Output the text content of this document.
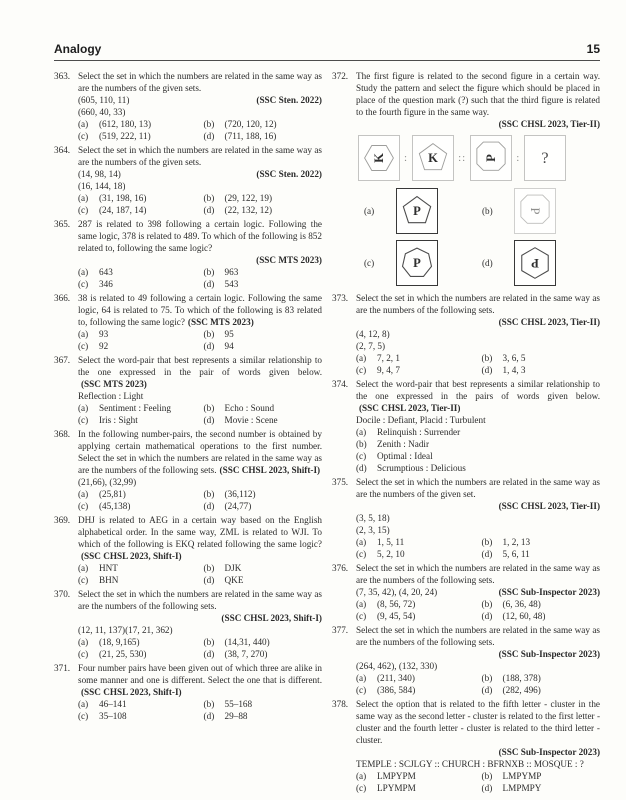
Analogy	15
363. Select the set in which the numbers are related in the same way as are the numbers of the given sets.

(605, 110, 11)	(SSC Sten. 2022)
(660, 40, 33)
(a)	(612, 180, 13)	(b)	(720, 120, 12)
(c)	(519, 222, 11)	(d)	(711, 188, 16)
364. Select the set in which the numbers are related in the same way as are the numbers of the given sets.

(14, 98, 14)	(SSC Sten. 2022)
(16, 144, 18)
(a)	(31, 198, 16)	(b)	(29, 122, 19)
(c)	(24, 187, 14)	(d)	(22, 132, 12)
365. 287 is related to 398 following a certain logic. Following the same logic, 378 is related to 489. To which of the following is 852 related to, following the same logic?

(SSC MTS 2023)
(a)	643	(b)	963
(c)	346	(d)	543
366. 38 is related to 49 following a certain logic. Following the same logic, 64 is related to 75. To which of the following is 83 related to, following the same logic? (SSC MTS 2023)

(a)	93	(b)	95
(c)	92	(d)	94
367. Select the word-pair that best represents a similar relationship to the one expressed in the pair of words given below.(SSC MTS 2023)

Reflection : Light
(a)	Sentiment : Feeling	(b)	Echo : Sound
(c)	Iris : Sight	(d)	Movie : Scene
368. In the following number-pairs, the second number is obtained by applying certain mathematical operations to the first number. Select the set in which the numbers are related in the same way as are the numbers of the following sets. (SSC CHSL 2023, Shift-I)

(21,66), (32,99)
(a)	(25,81)	(b)	(36,112)
(c)	(45,138)	(d)	(24,77)
369. DHJ is related to AEG in a certain way based on the English alphabetical order. In the same way, ZML is related to WJI. To which of the following is EKQ related following the same logic?(SSC CHSL 2023, Shift-I)

(a)	HNT	(b)	DJK
(c)	BHN	(d)	QKE
370. Select the set in which the numbers are related in the same way as are the numbers of the following sets.

(SSC CHSL 2023, Shift-I)
(12, 11, 137)(17, 21, 362)
(a)	(18, 9,165)	(b)	(14,31, 440)
(c)	(21, 25, 530)	(d)	(38, 7, 270)
371. Four number pairs have been given out of which three are alike in some manner and one is different. Select the one that is different.(SSC CHSL 2023, Shift-I)

(a)	46–141	(b)	55–168
(c)	35–108	(d)	29–88
372. The first figure is related to the second figure in a certain way. Study the pattern and select the figure which should be placed in place of the question mark (?) such that the third figure is related to the fourth figure in the same way.

(SSC CHSL 2023, Tier-II)
K : K :: P : ?
(a)	P	(b)	P
(c)	P	(d)	P
373. Select the set in which the numbers are related in the same way as are the numbers of the following sets.

(SSC CHSL 2023, Tier-II)
(4, 12, 8)
(2, 7, 5)
(a)	7, 2, 1	(b)	3, 6, 5
(c)	9, 4, 7	(d)	1, 4, 3
374. Select the word-pair that best represents a similar relationship to the one expressed in the pairs of words given below.(SSC CHSL 2023, Tier-II)

Docile : Defiant, Placid : Turbulent
(a)	Relinquish : Surrender
(b)	Zenith : Nadir
(c)	Optimal : Ideal
(d)	Scrumptious : Delicious
375. Select the set in which the numbers are related in the same way as are the numbers of the given set.

(SSC CHSL 2023, Tier-II)
(3, 5, 18)
(2, 3, 15)
(a)	1, 5, 11	(b)	1, 2, 13
(c)	5, 2, 10	(d)	5, 6, 11
376. Select the set in which the numbers are related in the same way as are the numbers of the following sets.

(7, 35, 42), (4, 20, 24)	(SSC Sub-Inspector 2023)
(a)	(8, 56, 72)	(b)	(6, 36, 48)
(c)	(9, 45, 54)	(d)	(12, 60, 48)
377. Select the set in which the numbers are related in the same way as are the numbers of the following sets.

(SSC Sub-Inspector 2023)
(264, 462), (132, 330)
(a)	(211, 340)	(b)	(188, 378)
(c)	(386, 584)	(d)	(282, 496)
378. Select the option that is related to the fifth letter - cluster in the same way as the second letter - cluster is related to the first letter - cluster and the fourth letter - cluster is related to the third letter - cluster.

(SSC Sub-Inspector 2023)
TEMPLE : SCJLGY :: CHURCH : BFRNXB :: MOSQUE : ?
(a)	LMPYPM	(b)	LMPYMP
(c)	LPYMPM	(d)	LMPMPY
